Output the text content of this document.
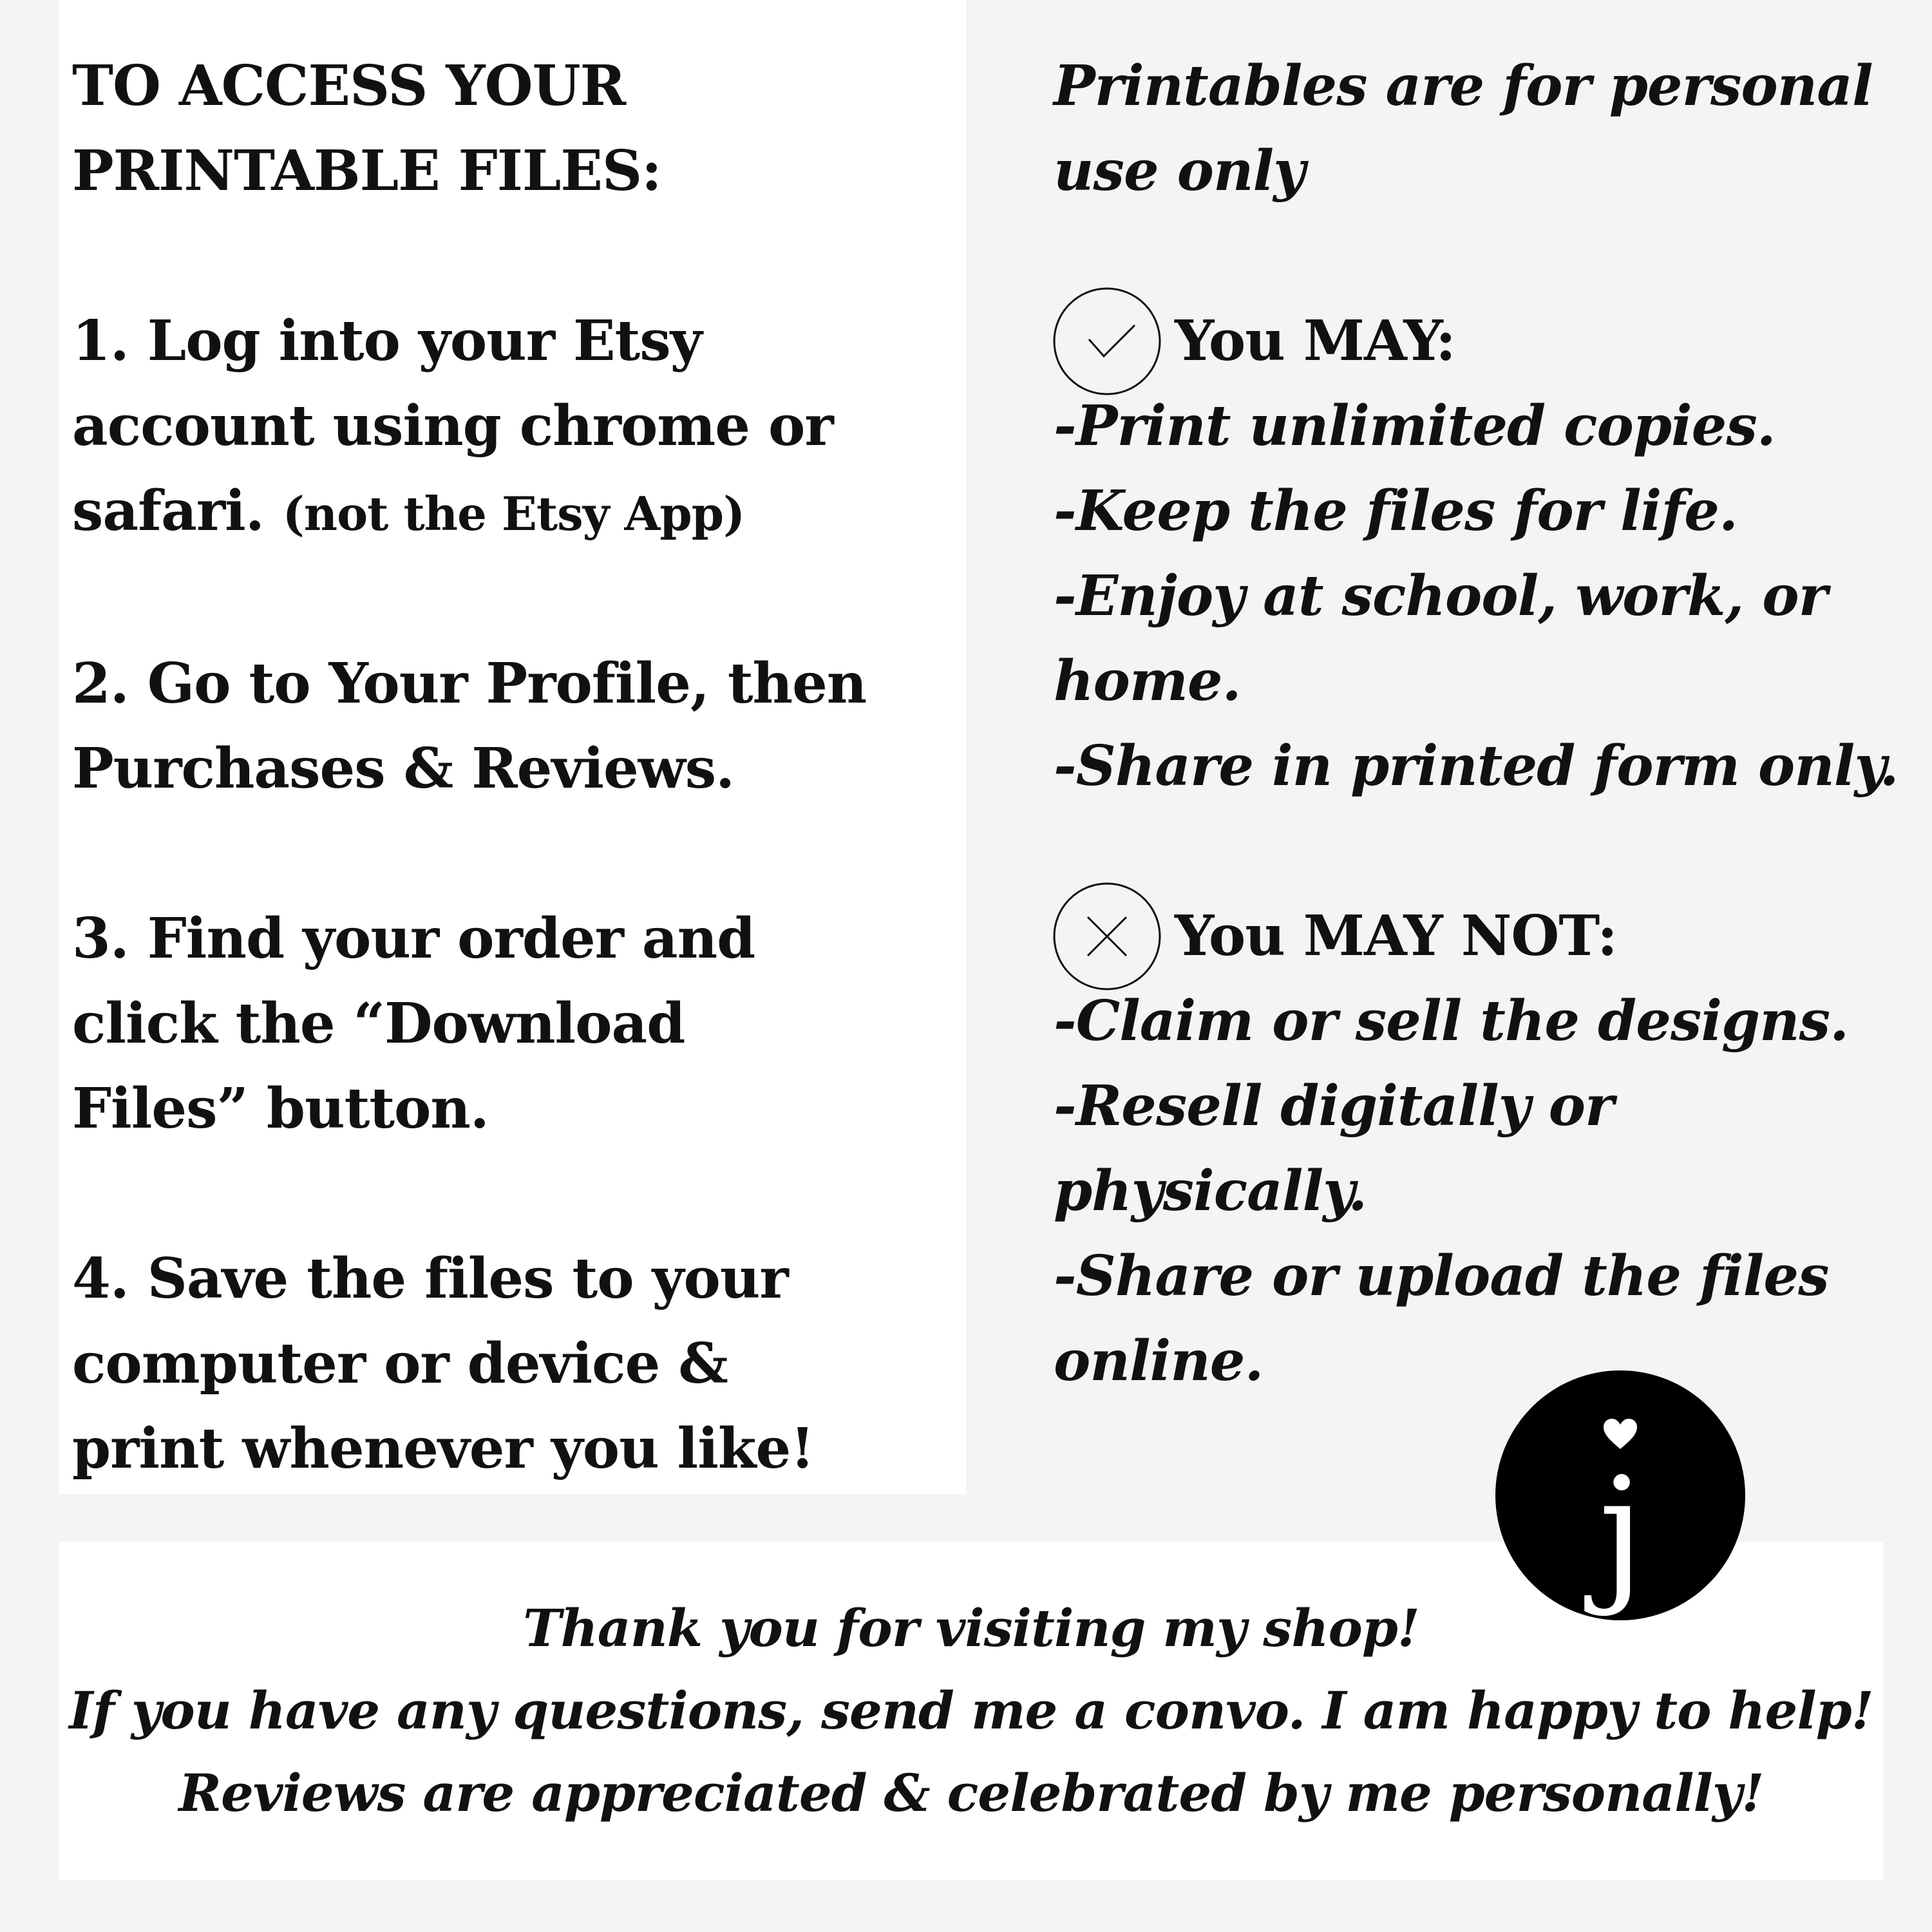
TO ACCESS YOUR

PRINTABLE FILES:

1. Log into your Etsy

account using chrome or

safari. (not the Etsy App)

2. Go to Your Profile, then

Purchases & Reviews.

3. Find your order and

click the “Download

Files” button.

4. Save the files to your

computer or device &

print whenever you like!

Printables are for personal

use only

You MAY:

-Print unlimited copies.

-Keep the files for life.

-Enjoy at school, work, or

home.

-Share in printed form only.

You MAY NOT:

-Claim or sell the designs.

-Resell digitally or

physically.

-Share or upload the files

online.

Thank you for visiting my shop!
If you have any questions, send me a convo. I am happy to help!
Reviews are appreciated & celebrated by me personally!
j
